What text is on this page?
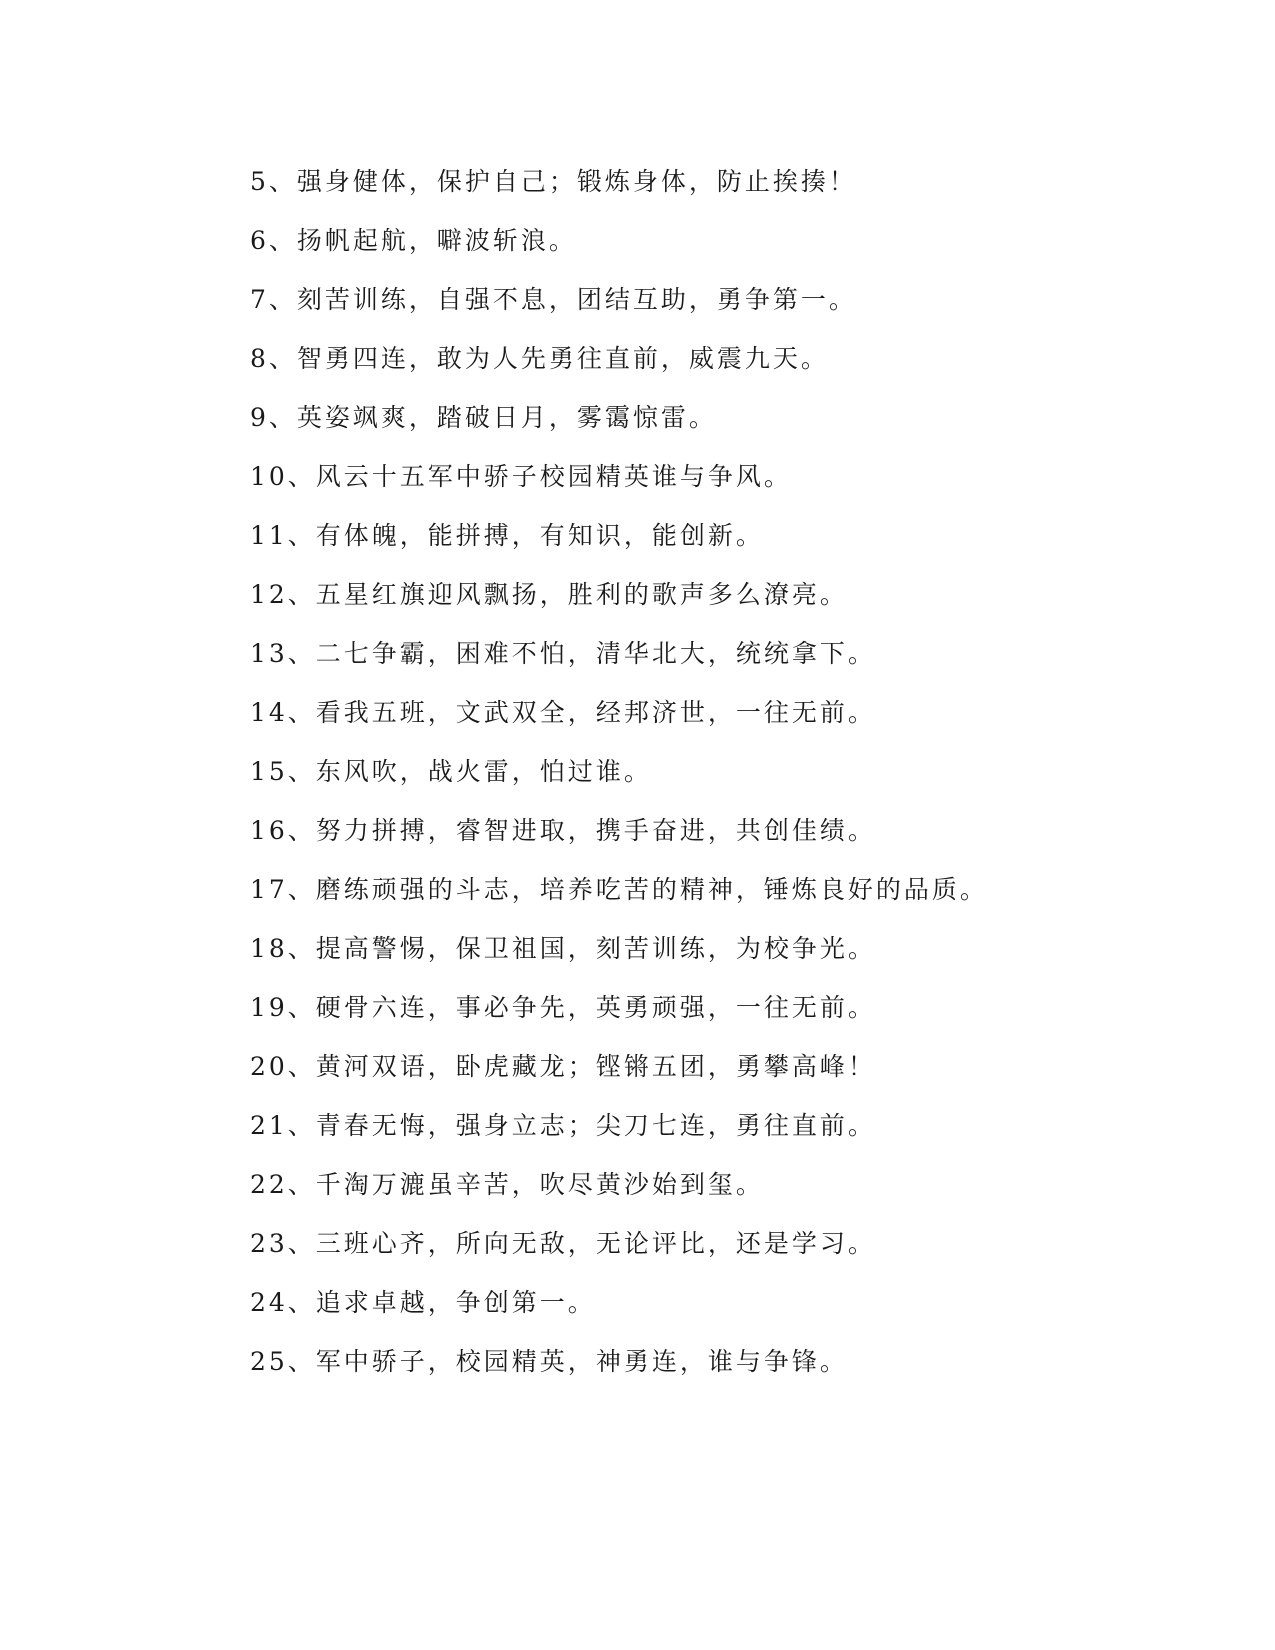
5、强身健体，保护自己；锻炼身体，防止挨揍！
6、扬帆起航，噼波斩浪。
7、刻苦训练，自强不息，团结互助，勇争第一。
8、智勇四连，敢为人先勇往直前，威震九天。
9、英姿飒爽，踏破日月，雾霭惊雷。
10、风云十五军中骄子校园精英谁与争风。
11、有体魄，能拼搏，有知识，能创新。
12、五星红旗迎风飘扬，胜利的歌声多么潦亮。
13、二七争霸，困难不怕，清华北大，统统拿下。
14、看我五班，文武双全，经邦济世，一往无前。
15、东风吹，战火雷，怕过谁。
16、努力拼搏，睿智进取，携手奋进，共创佳绩。
17、磨练顽强的斗志，培养吃苦的精神，锤炼良好的品质。
18、提高警惕，保卫祖国，刻苦训练，为校争光。
19、硬骨六连，事必争先，英勇顽强，一往无前。
20、黄河双语，卧虎藏龙；铿锵五团，勇攀高峰！
21、青春无悔，强身立志；尖刀七连，勇往直前。
22、千淘万漉虽辛苦，吹尽黄沙始到玺。
23、三班心齐，所向无敌，无论评比，还是学习。
24、追求卓越，争创第一。
25、军中骄子，校园精英，神勇连，谁与争锋。
